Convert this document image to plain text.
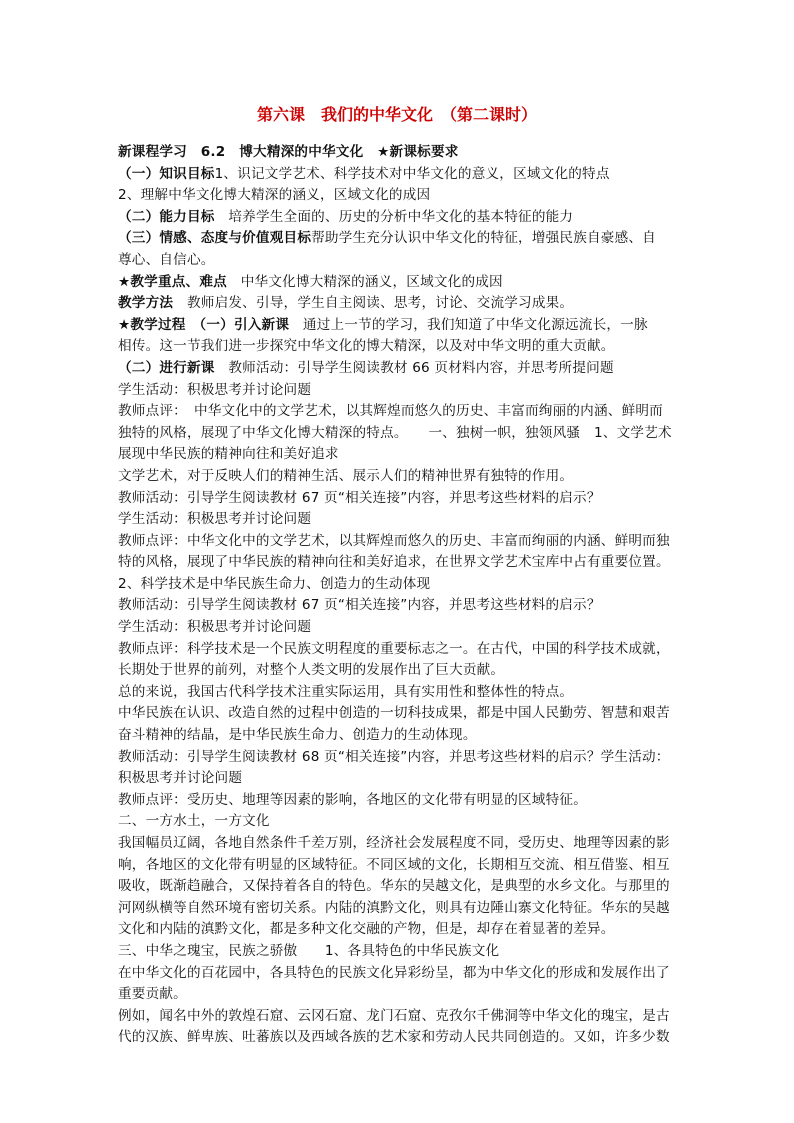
第六课　我们的中华文化　（第二课时）
新课程学习　6.2　博大精深的中华文化　★新课标要求
（一）知识目标1、识记文学艺术、科学技术对中华文化的意义，区域文化的特点
2、理解中华文化博大精深的涵义，区域文化的成因
（二）能力目标　培养学生全面的、历史的分析中华文化的基本特征的能力
（三）情感、态度与价值观目标帮助学生充分认识中华文化的特征，增强民族自豪感、自
尊心、自信心。
★教学重点、难点　中华文化博大精深的涵义，区域文化的成因
教学方法　教师启发、引导，学生自主阅读、思考，讨论、交流学习成果。
★教学过程　 （一）引入新课　通过上一节的学习，我们知道了中华文化源远流长，一脉
相传。这一节我们进一步探究中华文化的博大精深，以及对中华文明的重大贡献。
（二）进行新课　教师活动：引导学生阅读教材 66 页材料内容，并思考所提问题
学生活动：积极思考并讨论问题
教师点评：　中华文化中的文学艺术，以其辉煌而悠久的历史、丰富而绚丽的内涵、鲜明而
独特的风格，展现了中华文化博大精深的特点。　　一、独树一帜，独领风骚　1、文学艺术
展现中华民族的精神向往和美好追求
文学艺术，对于反映人们的精神生活、展示人们的精神世界有独特的作用。
教师活动：引导学生阅读教材 67 页“相关连接”内容，并思考这些材料的启示？
学生活动：积极思考并讨论问题
教师点评：中华文化中的文学艺术，以其辉煌而悠久的历史、丰富而绚丽的内涵、鲜明而独
特的风格，展现了中华民族的精神向往和美好追求，在世界文学艺术宝库中占有重要位置。
2、科学技术是中华民族生命力、创造力的生动体现
教师活动：引导学生阅读教材 67 页“相关连接”内容，并思考这些材料的启示？
学生活动：积极思考并讨论问题
教师点评：科学技术是一个民族文明程度的重要标志之一。在古代，中国的科学技术成就，
长期处于世界的前列，对整个人类文明的发展作出了巨大贡献。
总的来说，我国古代科学技术注重实际运用，具有实用性和整体性的特点。
中华民族在认识、改造自然的过程中创造的一切科技成果，都是中国人民勤劳、智慧和艰苦
奋斗精神的结晶，是中华民族生命力、创造力的生动体现。
教师活动：引导学生阅读教材 68 页“相关连接”内容，并思考这些材料的启示？学生活动：
积极思考并讨论问题
教师点评：受历史、地理等因素的影响，各地区的文化带有明显的区域特征。
二、一方水土，一方文化
我国幅员辽阔，各地自然条件千差万别，经济社会发展程度不同，受历史、地理等因素的影
响，各地区的文化带有明显的区域特征。不同区域的文化，长期相互交流、相互借鉴、相互
吸收，既渐趋融合，又保持着各自的特色。华东的吴越文化，是典型的水乡文化。与那里的
河网纵横等自然环境有密切关系。内陆的滇黔文化，则具有边陲山寨文化特征。华东的吴越
文化和内陆的滇黔文化，都是多种文化交融的产物，但是，却存在着显著的差异。
三、中华之瑰宝，民族之骄傲　　1、各具特色的中华民族文化
在中华文化的百花园中，各具特色的民族文化异彩纷呈，都为中华文化的形成和发展作出了
重要贡献。
例如，闻名中外的敦煌石窟、云冈石窟、龙门石窟、克孜尔千佛洞等中华文化的瑰宝，是古
代的汉族、鲜卑族、吐蕃族以及西域各族的艺术家和劳动人民共同创造的。又如，许多少数
